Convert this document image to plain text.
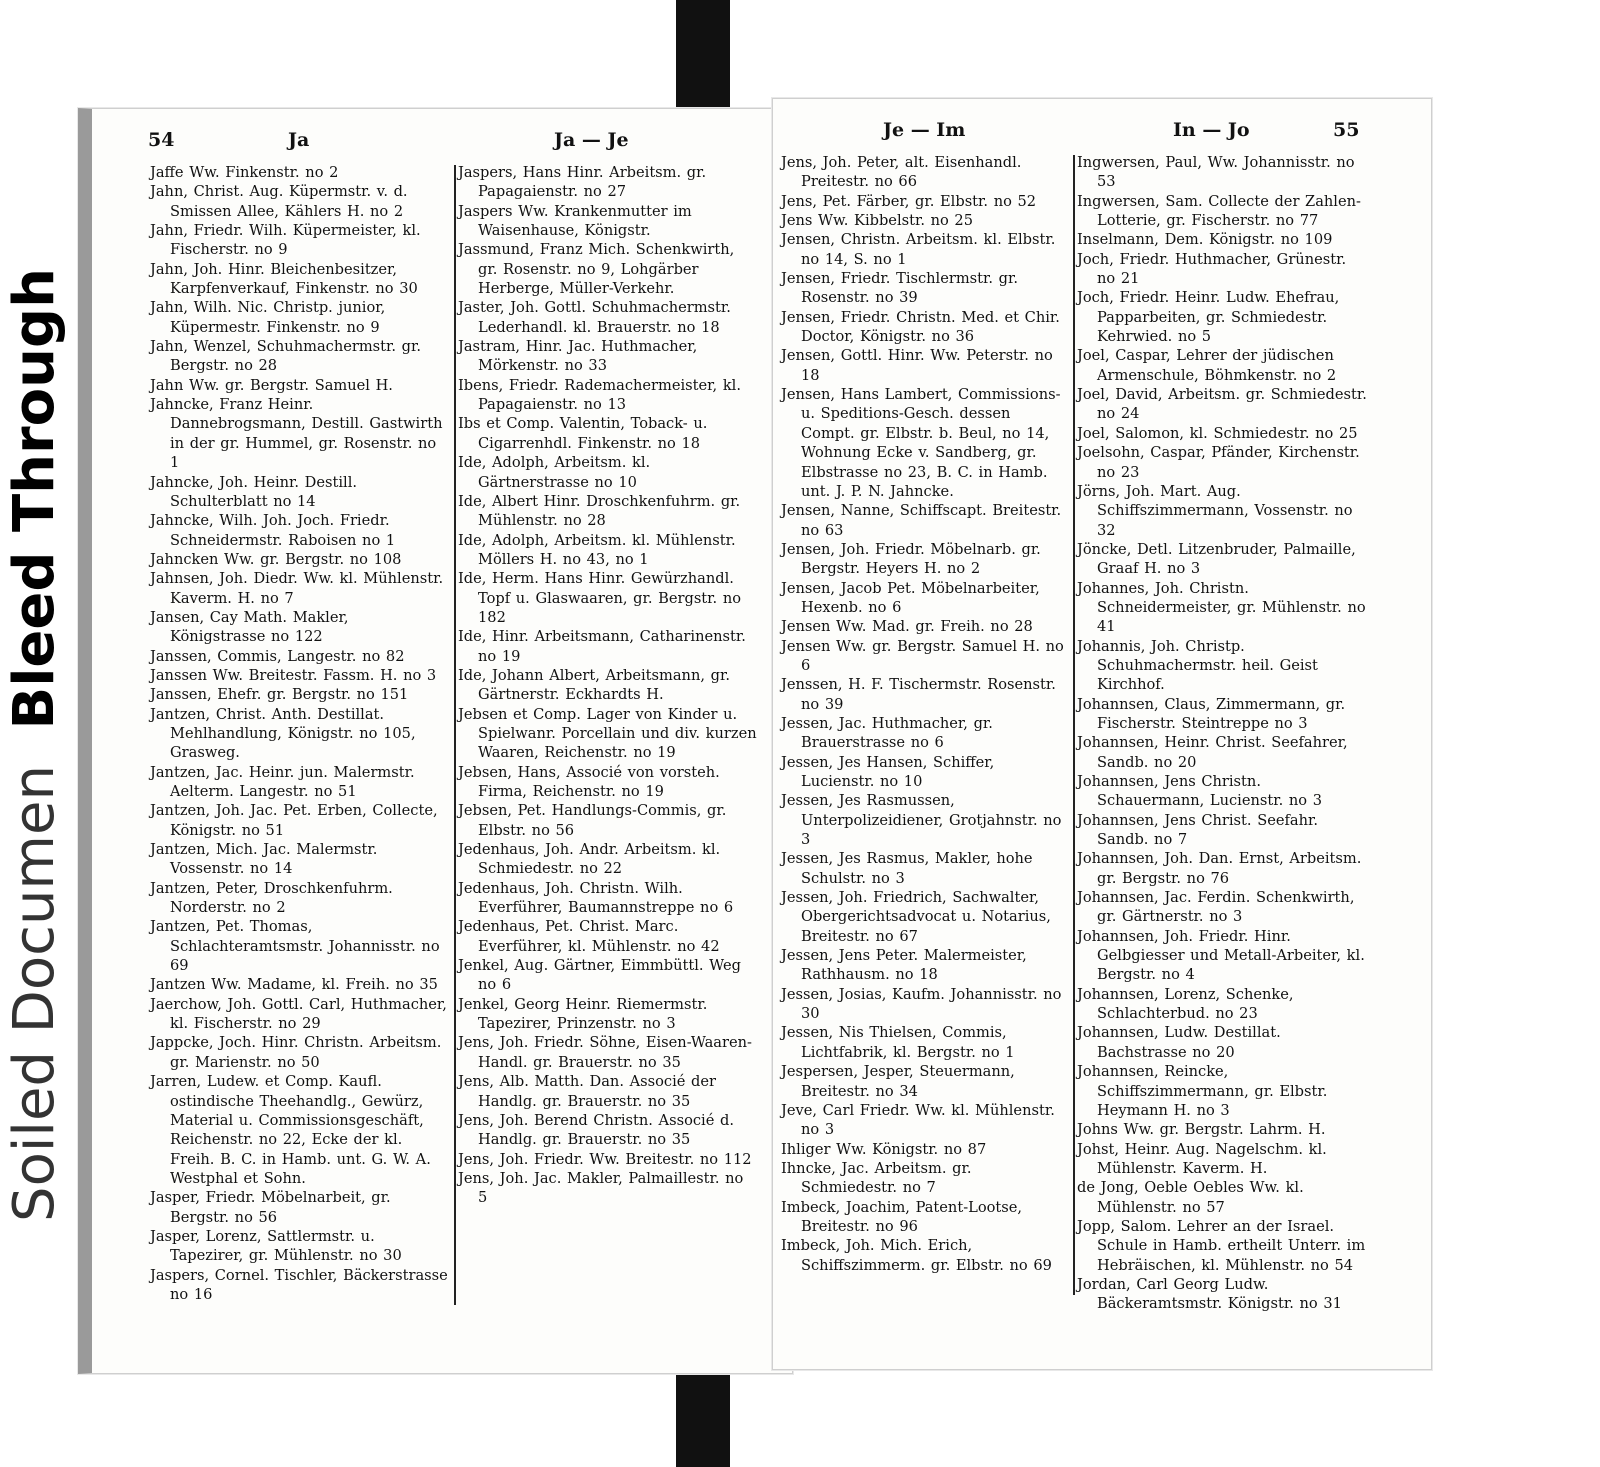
Soiled Documen  Bleed Through
54	Ja	Ja — Je
Jaffe Ww. Finkenstr. no 2
Jahn, Christ. Aug. Küpermstr. v. d. Smissen Allee, Kählers H. no 2
Jahn, Friedr. Wilh. Küpermeister, kl. Fischerstr. no 9
Jahn, Joh. Hinr. Bleichenbesitzer, Karpfenverkauf, Finkenstr. no 30
Jahn, Wilh. Nic. Christp. junior, Küpermestr. Finkenstr. no 9
Jahn, Wenzel, Schuhmachermstr. gr. Bergstr. no 28
Jahn Ww. gr. Bergstr. Samuel H.
Jahncke, Franz Heinr. Dannebrogsmann, Destill. Gastwirth in der gr. Hummel, gr. Rosenstr. no 1
Jahncke, Joh. Heinr. Destill. Schulterblatt no 14
Jahncke, Wilh. Joh. Joch. Friedr. Schneidermstr. Raboisen no 1
Jahncken Ww. gr. Bergstr. no 108
Jahnsen, Joh. Diedr. Ww. kl. Mühlenstr. Kaverm. H. no 7
Jansen, Cay Math. Makler, Königstrasse no 122
Janssen, Commis, Langestr. no 82
Janssen Ww. Breitestr. Fassm. H. no 3
Janssen, Ehefr. gr. Bergstr. no 151
Jantzen, Christ. Anth. Destillat. Mehlhandlung, Königstr. no 105, Grasweg.
Jantzen, Jac. Heinr. jun. Malermstr. Aelterm. Langestr. no 51
Jantzen, Joh. Jac. Pet. Erben, Collecte, Königstr. no 51
Jantzen, Mich. Jac. Malermstr. Vossenstr. no 14
Jantzen, Peter, Droschkenfuhrm. Norderstr. no 2
Jantzen, Pet. Thomas, Schlachteramtsmstr. Johannisstr. no 69
Jantzen Ww. Madame, kl. Freih. no 35
Jaerchow, Joh. Gottl. Carl, Huthmacher, kl. Fischerstr. no 29
Jappcke, Joch. Hinr. Christn. Arbeitsm. gr. Marienstr. no 50
Jarren, Ludew. et Comp. Kaufl. ostindische Theehandlg., Gewürz, Material u. Commissionsgeschäft, Reichenstr. no 22, Ecke der kl. Freih. B. C. in Hamb. unt. G. W. A. Westphal et Sohn.
Jasper, Friedr. Möbelnarbeit, gr. Bergstr. no 56
Jasper, Lorenz, Sattlermstr. u. Tapezirer, gr. Mühlenstr. no 30
Jaspers, Cornel. Tischler, Bäckerstrasse no 16
Jaspers, Hans Hinr. Arbeitsm. gr. Papagaienstr. no 27
Jaspers Ww. Krankenmutter im Waisenhause, Königstr.
Jassmund, Franz Mich. Schenkwirth, gr. Rosenstr. no 9, Lohgärber Herberge, Müller-Verkehr.
Jaster, Joh. Gottl. Schuhmachermstr. Lederhandl. kl. Brauerstr. no 18
Jastram, Hinr. Jac. Huthmacher, Mörkenstr. no 33
Ibens, Friedr. Rademachermeister, kl. Papagaienstr. no 13
Ibs et Comp. Valentin, Toback- u. Cigarrenhdl. Finkenstr. no 18
Ide, Adolph, Arbeitsm. kl. Gärtnerstrasse no 10
Ide, Albert Hinr. Droschkenfuhrm. gr. Mühlenstr. no 28
Ide, Adolph, Arbeitsm. kl. Mühlenstr. Möllers H. no 43, no 1
Ide, Herm. Hans Hinr. Gewürzhandl. Topf u. Glaswaaren, gr. Bergstr. no 182
Ide, Hinr. Arbeitsmann, Catharinenstr. no 19
Ide, Johann Albert, Arbeitsmann, gr. Gärtnerstr. Eckhardts H.
Jebsen et Comp. Lager von Kinder u. Spielwanr. Porcellain und div. kurzen Waaren, Reichenstr. no 19
Jebsen, Hans, Associé von vorsteh. Firma, Reichenstr. no 19
Jebsen, Pet. Handlungs-Commis, gr. Elbstr. no 56
Jedenhaus, Joh. Andr. Arbeitsm. kl. Schmiedestr. no 22
Jedenhaus, Joh. Christn. Wilh. Everführer, Baumannstreppe no 6
Jedenhaus, Pet. Christ. Marc. Everführer, kl. Mühlenstr. no 42
Jenkel, Aug. Gärtner, Eimmbüttl. Weg no 6
Jenkel, Georg Heinr. Riemermstr. Tapezirer, Prinzenstr. no 3
Jens, Joh. Friedr. Söhne, Eisen-Waaren-Handl. gr. Brauerstr. no 35
Jens, Alb. Matth. Dan. Associé der Handlg. gr. Brauerstr. no 35
Jens, Joh. Berend Christn. Associé d. Handlg. gr. Brauerstr. no 35
Jens, Joh. Friedr. Ww. Breitestr. no 112
Jens, Joh. Jac. Makler, Palmaillestr. no 5
Je — Im	In — Jo	55
Jens, Joh. Peter, alt. Eisenhandl. Preitestr. no 66
Jens, Pet. Färber, gr. Elbstr. no 52
Jens Ww. Kibbelstr. no 25
Jensen, Christn. Arbeitsm. kl. Elbstr. no 14, S. no 1
Jensen, Friedr. Tischlermstr. gr. Rosenstr. no 39
Jensen, Friedr. Christn. Med. et Chir. Doctor, Königstr. no 36
Jensen, Gottl. Hinr. Ww. Peterstr. no 18
Jensen, Hans Lambert, Commissions- u. Speditions-Gesch. dessen Compt. gr. Elbstr. b. Beul, no 14, Wohnung Ecke v. Sandberg, gr. Elbstrasse no 23, B. C. in Hamb. unt. J. P. N. Jahncke.
Jensen, Nanne, Schiffscapt. Breitestr. no 63
Jensen, Joh. Friedr. Möbelnarb. gr. Bergstr. Heyers H. no 2
Jensen, Jacob Pet. Möbelnarbeiter, Hexenb. no 6
Jensen Ww. Mad. gr. Freih. no 28
Jensen Ww. gr. Bergstr. Samuel H. no 6
Jenssen, H. F. Tischermstr. Rosenstr. no 39
Jessen, Jac. Huthmacher, gr. Brauerstrasse no 6
Jessen, Jes Hansen, Schiffer, Lucienstr. no 10
Jessen, Jes Rasmussen, Unterpolizeidiener, Grotjahnstr. no 3
Jessen, Jes Rasmus, Makler, hohe Schulstr. no 3
Jessen, Joh. Friedrich, Sachwalter, Obergerichtsadvocat u. Notarius, Breitestr. no 67
Jessen, Jens Peter. Malermeister, Rathhausm. no 18
Jessen, Josias, Kaufm. Johannisstr. no 30
Jessen, Nis Thielsen, Commis, Lichtfabrik, kl. Bergstr. no 1
Jespersen, Jesper, Steuermann, Breitestr. no 34
Jeve, Carl Friedr. Ww. kl. Mühlenstr. no 3
Ihliger Ww. Königstr. no 87
Ihncke, Jac. Arbeitsm. gr. Schmiedestr. no 7
Imbeck, Joachim, Patent-Lootse, Breitestr. no 96
Imbeck, Joh. Mich. Erich, Schiffszimmerm. gr. Elbstr. no 69
Ingwersen, Paul, Ww. Johannisstr. no 53
Ingwersen, Sam. Collecte der Zahlen-Lotterie, gr. Fischerstr. no 77
Inselmann, Dem. Königstr. no 109
Joch, Friedr. Huthmacher, Grünestr. no 21
Joch, Friedr. Heinr. Ludw. Ehefrau, Papparbeiten, gr. Schmiedestr. Kehrwied. no 5
Joel, Caspar, Lehrer der jüdischen Armenschule, Böhmkenstr. no 2
Joel, David, Arbeitsm. gr. Schmiedestr. no 24
Joel, Salomon, kl. Schmiedestr. no 25
Joelsohn, Caspar, Pfänder, Kirchenstr. no 23
Jörns, Joh. Mart. Aug. Schiffszimmermann, Vossenstr. no 32
Jöncke, Detl. Litzenbruder, Palmaille, Graaf H. no 3
Johannes, Joh. Christn. Schneidermeister, gr. Mühlenstr. no 41
Johannis, Joh. Christp. Schuhmachermstr. heil. Geist Kirchhof.
Johannsen, Claus, Zimmermann, gr. Fischerstr. Steintreppe no 3
Johannsen, Heinr. Christ. Seefahrer, Sandb. no 20
Johannsen, Jens Christn. Schauermann, Lucienstr. no 3
Johannsen, Jens Christ. Seefahr. Sandb. no 7
Johannsen, Joh. Dan. Ernst, Arbeitsm. gr. Bergstr. no 76
Johannsen, Jac. Ferdin. Schenkwirth, gr. Gärtnerstr. no 3
Johannsen, Joh. Friedr. Hinr. Gelbgiesser und Metall-Arbeiter, kl. Bergstr. no 4
Johannsen, Lorenz, Schenke, Schlachterbud. no 23
Johannsen, Ludw. Destillat. Bachstrasse no 20
Johannsen, Reincke, Schiffszimmermann, gr. Elbstr. Heymann H. no 3
Johns Ww. gr. Bergstr. Lahrm. H.
Johst, Heinr. Aug. Nagelschm. kl. Mühlenstr. Kaverm. H.
de Jong, Oeble Oebles Ww. kl. Mühlenstr. no 57
Jopp, Salom. Lehrer an der Israel. Schule in Hamb. ertheilt Unterr. im Hebräischen, kl. Mühlenstr. no 54
Jordan, Carl Georg Ludw. Bäckeramtsmstr. Königstr. no 31
